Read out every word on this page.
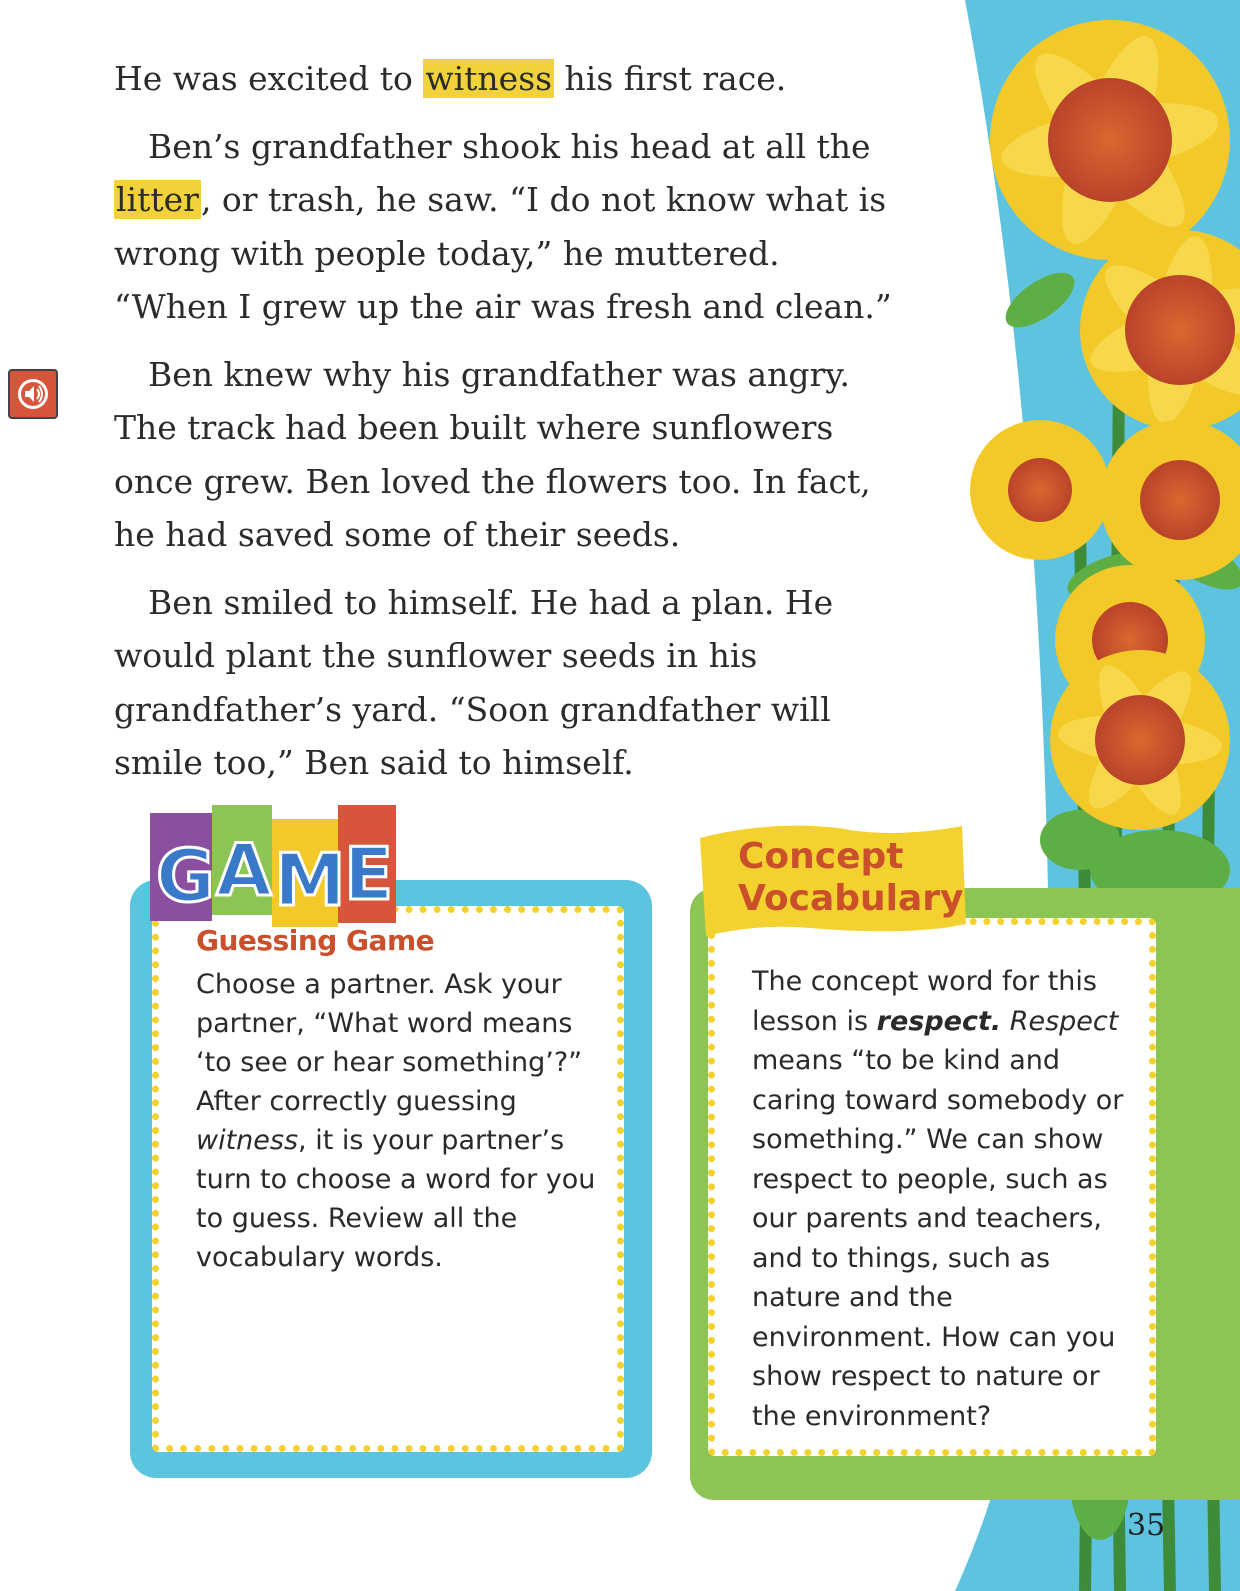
He was excited to witness his first race.

Ben’s grandfather shook his head at all the litter, or trash, he saw. “I do not know what is wrong with people today,” he muttered. “When I grew up the air was fresh and clean.”

Ben knew why his grandfather was angry. The track had been built where sunflowers once grew. Ben loved the flowers too. In fact, he had saved some of their seeds.

Ben smiled to himself. He had a plan. He would plant the sunflower seeds in his grandfather’s yard. “Soon grandfather will smile too,” Ben said to himself.

G A M
E
Guessing Game
Choose a partner. Ask your partner, “What word means ‘to see or hear something’?” After correctly guessing witness, it is your partner’s turn to choose a word for you to guess. Review all the vocabulary words.
Concept
Vocabulary
The concept word for this lesson is respect. Respect means “to be kind and caring toward somebody or something.” We can show respect to people, such as our parents and teachers, and to things, such as nature and the environment. How can you show respect to nature or the environment?
35
